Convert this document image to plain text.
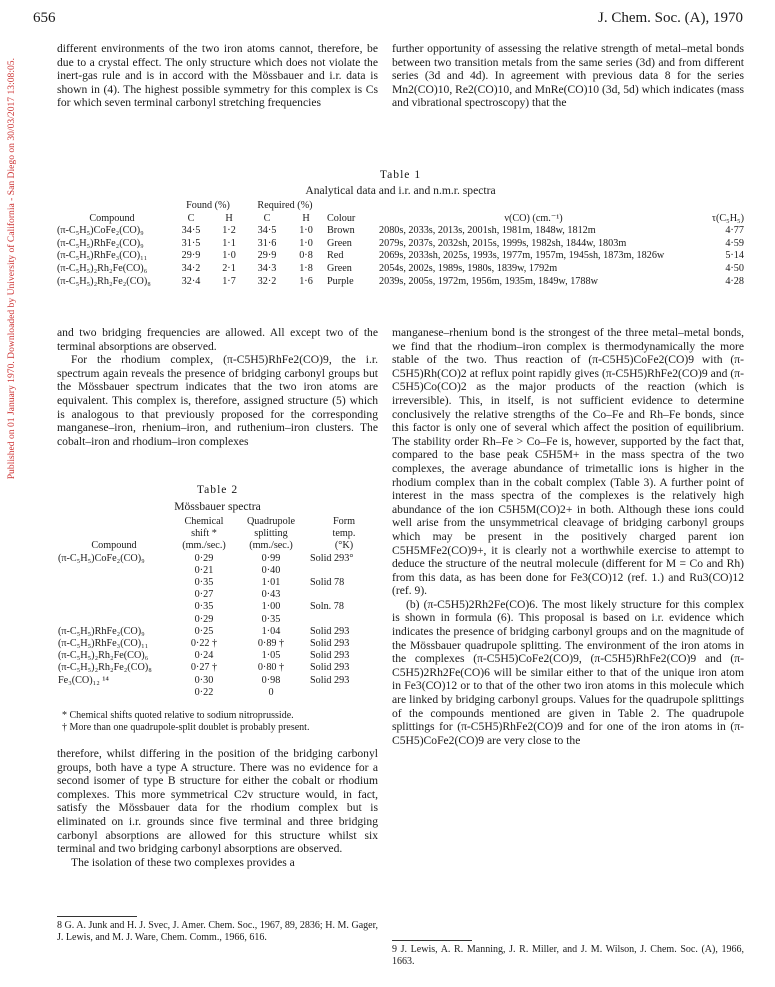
656	J. Chem. Soc. (A), 1970
Published on 01 January 1970. Downloaded by University of California - San Diego on 30/03/2017 13:08:05.

different environments of the two iron atoms cannot, therefore, be due to a crystal effect. The only structure which does not violate the inert-gas rule and is in accord with the Mössbauer and i.r. data is shown in (4). The highest possible symmetry for this complex is Cs for which seven terminal carbonyl stretching frequencies

further opportunity of assessing the relative strength of metal–metal bonds between two transition metals from the same series (3d) and from different series (3d and 4d). In agreement with previous data 8 for the series Mn2(CO)10, Re2(CO)10, and MnRe(CO)10 (3d, 5d) which indicates (mass and vibrational spectroscopy) that the

Table 1
Analytical data and i.r. and n.m.r. spectra
	Found (%)		Required (%)				
Compound	C	H	C	H	Colour	ν(CO) (cm.⁻¹)	τ(C₅H₅)
(π-C₅H₅)CoFe₂(CO)₉	34·5	1·2	34·5	1·0	Brown	2080s, 2033s, 2013s, 2001sh, 1981m, 1848w, 1812m	4·77
(π-C₅H₅)RhFe₂(CO)₉	31·5	1·1	31·6	1·0	Green	2079s, 2037s, 2032sh, 2015s, 1999s, 1982sh, 1844w, 1803m	4·59
(π-C₅H₅)RhFe₃(CO)₁₁	29·9	1·0	29·9	0·8	Red	2069s, 2033sh, 2025s, 1993s, 1977m, 1957m, 1945sh, 1873m, 1826w	5·14
(π-C₅H₅)₂Rh₂Fe(CO)₆	34·2	2·1	34·3	1·8	Green	2054s, 2002s, 1989s, 1980s, 1839w, 1792m	4·50
(π-C₅H₅)₂Rh₂Fe₂(CO)₈	32·4	1·7	32·2	1·6	Purple	2039s, 2005s, 1972m, 1956m, 1935m, 1849w, 1788w	4·28

and two bridging frequencies are allowed. All except two of the terminal absorptions are observed.

For the rhodium complex, (π-C5H5)RhFe2(CO)9, the i.r. spectrum again reveals the presence of bridging carbonyl groups but the Mössbauer spectrum indicates that the two iron atoms are equivalent. This complex is, therefore, assigned structure (5) which is analogous to that previously proposed for the corresponding manganese–iron, rhenium–iron, and ruthenium–iron clusters. The cobalt–iron and rhodium–iron complexes

Table 2
Mössbauer spectra
	Chemical	Quadrupole	Form
	shift *	splitting	temp.
Compound	(mm./sec.)	(mm./sec.)	(°K)
(π-C₅H₅)CoFe₂(CO)₉	0·29	0·99	Solid 293°
	0·21	0·40	
	0·35	1·01	Solid 78
	0·27	0·43	
	0·35	1·00	Soln. 78
	0·29	0·35	
(π-C₅H₅)RhFe₂(CO)₉	0·25	1·04	Solid 293
(π-C₅H₅)RhFe₃(CO)₁₁	0·22 †	0·89 †	Solid 293
(π-C₅H₅)₂Rh₂Fe(CO)₆	0·24	1·05	Solid 293
(π-C₅H₅)₂Rh₂Fe₂(CO)₈	0·27 †	0·80 †	Solid 293
Fe₃(CO)₁₂ ¹⁴	0·30	0·98	Solid 293
	0·22	0	
* Chemical shifts quoted relative to sodium nitroprusside.
† More than one quadrupole-split doublet is probably present.

therefore, whilst differing in the position of the bridging carbonyl groups, both have a type A structure. There was no evidence for a second isomer of type B structure for either the cobalt or rhodium complexes. This more symmetrical C2v structure would, in fact, satisfy the Mössbauer data for the rhodium complex but is eliminated on i.r. grounds since five terminal and three bridging carbonyl absorptions are allowed for this structure whilst six terminal and two bridging carbonyl absorptions are observed.

The isolation of these two complexes provides a

8 G. A. Junk and H. J. Svec, J. Amer. Chem. Soc., 1967, 89, 2836; H. M. Gager, J. Lewis, and M. J. Ware, Chem. Comm., 1966, 616.

manganese–rhenium bond is the strongest of the three metal–metal bonds, we find that the rhodium–iron complex is thermodynamically the more stable of the two. Thus reaction of (π-C5H5)CoFe2(CO)9 with (π-C5H5)Rh(CO)2 at reflux point rapidly gives (π-C5H5)RhFe2(CO)9 and (π-C5H5)Co(CO)2 as the major products of the reaction (which is irreversible). This, in itself, is not sufficient evidence to determine conclusively the relative strengths of the Co–Fe and Rh–Fe bonds, since this factor is only one of several which affect the position of equilibrium. The stability order Rh–Fe > Co–Fe is, however, supported by the fact that, compared to the base peak C5H5M+ in the mass spectra of the two complexes, the average abundance of trimetallic ions is higher in the rhodium complex than in the cobalt complex (Table 3). A further point of interest in the mass spectra of the complexes is the relatively high abundance of the ion C5H5M(CO)2+ in both. Although these ions could well arise from the unsymmetrical cleavage of bridging carbonyl groups which may be present in the positively charged parent ion C5H5MFe2(CO)9+, it is clearly not a worthwhile exercise to attempt to deduce the structure of the neutral molecule (different for M = Co and Rh) from this data, as has been done for Fe3(CO)12 (ref. 1.) and Ru3(CO)12 (ref. 9).

(b) (π-C5H5)2Rh2Fe(CO)6. The most likely structure for this complex is shown in formula (6). This proposal is based on i.r. evidence which indicates the presence of bridging carbonyl groups and on the magnitude of the Mössbauer quadrupole splitting. The environment of the iron atoms in the complexes (π-C5H5)CoFe2(CO)9, (π-C5H5)RhFe2(CO)9 and (π-C5H5)2Rh2Fe(CO)6 will be similar either to that of the unique iron atom in Fe3(CO)12 or to that of the other two iron atoms in this molecule which are linked by bridging carbonyl groups. Values for the quadrupole splittings of the compounds mentioned are given in Table 2. The quadrupole splittings for (π-C5H5)RhFe2(CO)9 and for one of the iron atoms in (π-C5H5)CoFe2(CO)9 are very close to the

9 J. Lewis, A. R. Manning, J. R. Miller, and J. M. Wilson, J. Chem. Soc. (A), 1966, 1663.
